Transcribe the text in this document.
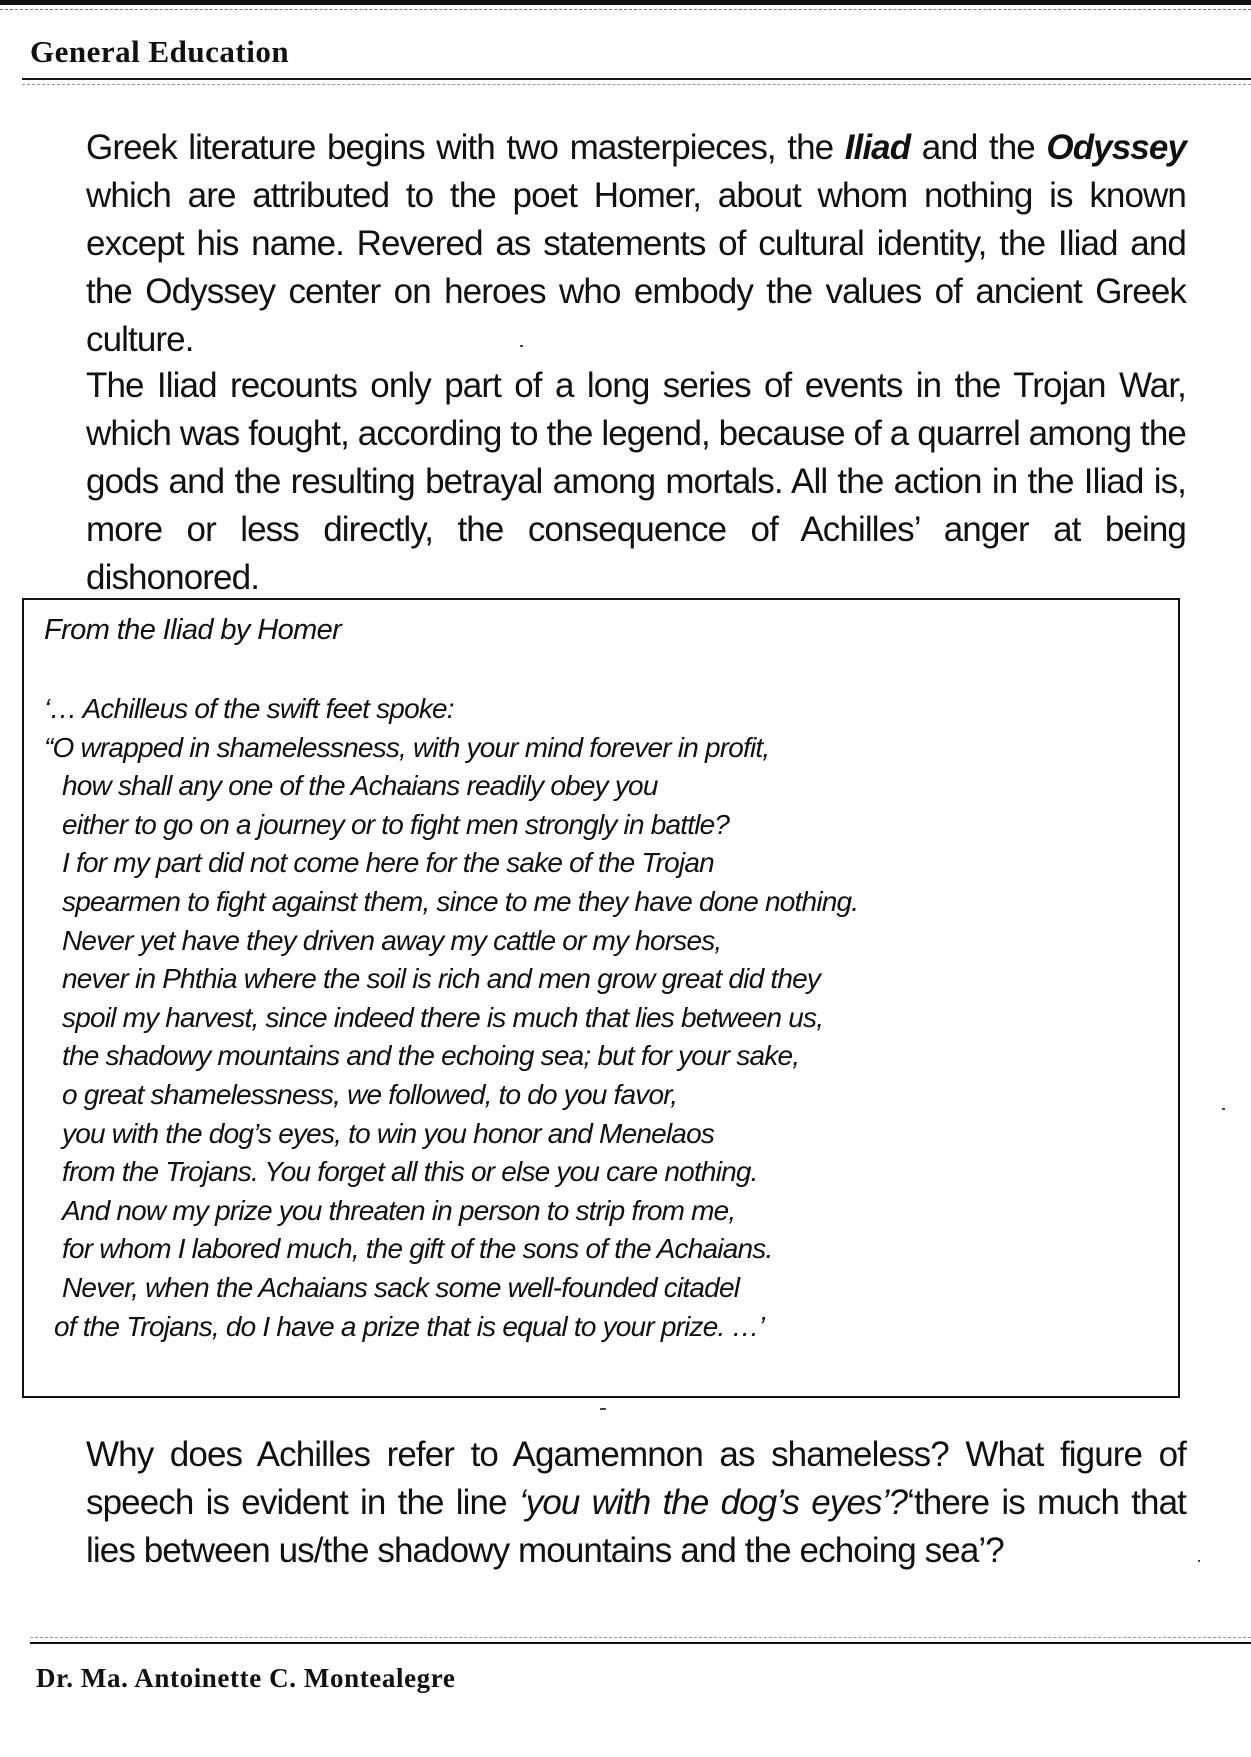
General Education
Greek literature begins with two masterpieces, the Iliad and the Odyssey which are attributed to the poet Homer, about whom nothing is known except his name. Revered as statements of cultural identity, the Iliad and the Odyssey center on heroes who embody the values of ancient Greek culture.
The Iliad recounts only part of a long series of events in the Trojan War, which was fought, according to the legend, because of a quarrel among the gods and the resulting betrayal among mortals. All the action in the Iliad is, more or less directly, the consequence of Achilles’ anger at being dishonored.
From the Iliad by Homer
‘… Achilleus of the swift feet spoke:
“O wrapped in shamelessness, with your mind forever in profit,
how shall any one of the Achaians readily obey you
either to go on a journey or to fight men strongly in battle?
I for my part did not come here for the sake of the Trojan
spearmen to fight against them, since to me they have done nothing.
Never yet have they driven away my cattle or my horses,
never in Phthia where the soil is rich and men grow great did they
spoil my harvest, since indeed there is much that lies between us,
the shadowy mountains and the echoing sea; but for your sake,
o great shamelessness, we followed, to do you favor,
you with the dog’s eyes, to win you honor and Menelaos
from the Trojans. You forget all this or else you care nothing.
And now my prize you threaten in person to strip from me,
for whom I labored much, the gift of the sons of the Achaians.
Never, when the Achaians sack some well-founded citadel
of the Trojans, do I have a prize that is equal to your prize. …’
Why does Achilles refer to Agamemnon as shameless? What figure of speech is evident in the line ‘you with the dog’s eyes’?‘there is much that lies between us/the shadowy mountains and the echoing sea’?
Dr. Ma. Antoinette C. Montealegre
